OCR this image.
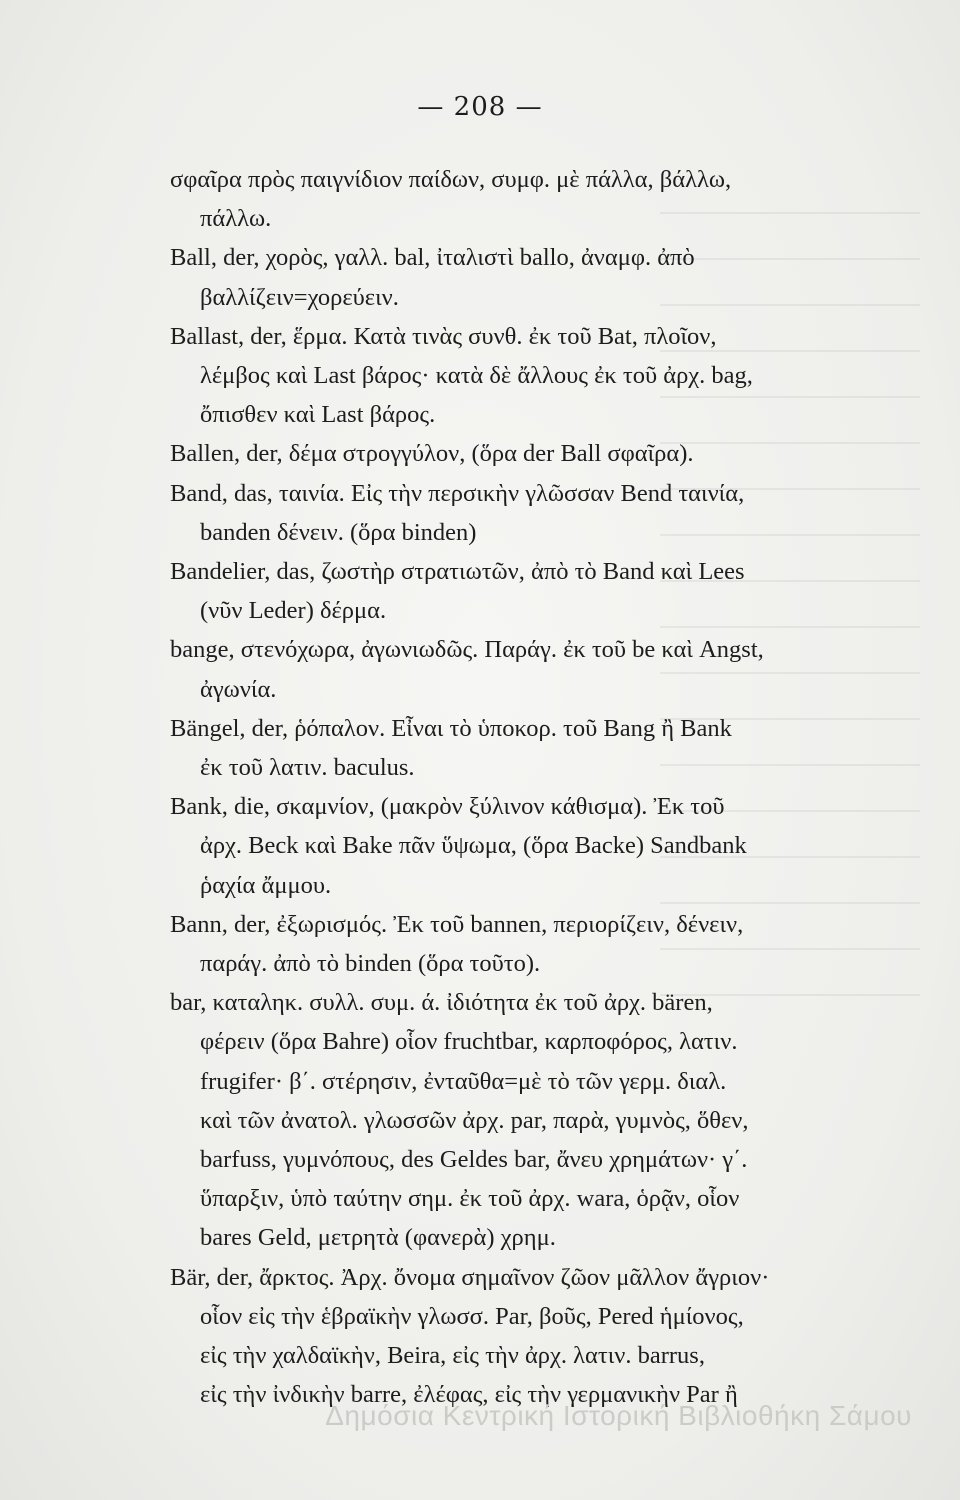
— 208 —
σφαῖρα πρὸς παιγνίδιον παίδων, συμφ. μὲ πάλλα, βάλλω,
πάλλω.
Ball, der, χορὸς, γαλλ. bal, ἰταλιστὶ ballo, ἀναμφ. ἀπὸ
βαλλίζειν=χορεύειν.
Ballast, der, ἕρμα. Κατὰ τινὰς συνθ. ἐκ τοῦ Bat, πλοῖον,
λέμβος καὶ Last βάρος· κατὰ δὲ ἄλλους ἐκ τοῦ ἀρχ. bag,
ὄπισθεν καὶ Last βάρος.
Ballen, der, δέμα στρογγύλον, (ὅρα der Ball σφαῖρα).
Band, das, ταινία. Εἰς τὴν περσικὴν γλῶσσαν Bend ταινία,
banden δένειν. (ὅρα binden)
Bandelier, das, ζωστὴρ στρατιωτῶν, ἀπὸ τὸ Band καὶ Lees
(νῦν Leder) δέρμα.
bange, στενόχωρα, ἀγωνιωδῶς. Παράγ. ἐκ τοῦ be καὶ Angst,
ἀγωνία.
Bängel, der, ῥόπαλον. Εἶναι τὸ ὑποκορ. τοῦ Bang ἢ Bank
ἐκ τοῦ λατιν. baculus.
Bank, die, σκαμνίον, (μακρὸν ξύλινον κάθισμα). Ἐκ τοῦ
ἀρχ. Beck καὶ Bake πᾶν ὕψωμα, (ὅρα Backe) Sandbank
ῥαχία ἄμμου.
Bann, der, ἐξωρισμός. Ἐκ τοῦ bannen, περιορίζειν, δένειν,
παράγ. ἀπὸ τὸ binden (ὅρα τοῦτο).
bar, καταληκ. συλλ. συμ. ά. ἰδιότητα ἐκ τοῦ ἀρχ. bären,
φέρειν (ὅρα Bahre) οἷον fruchtbar, καρποφόρος, λατιν.
frugifer· β΄. στέρησιν, ἐνταῦθα=μὲ τὸ τῶν γερμ. διαλ.
καὶ τῶν ἀνατολ. γλωσσῶν ἀρχ. par, παρὰ, γυμνὸς, ὅθεν,
barfuss, γυμνόπους, des Geldes bar, ἄνευ χρημάτων· γ΄.
ὕπαρξιν, ὑπὸ ταύτην σημ. ἐκ τοῦ ἀρχ. wara, ὁρᾷν, οἷον
bares Geld, μετρητὰ (φανερὰ) χρημ.
Bär, der, ἄρκτος. Ἀρχ. ὄνομα σημαῖνον ζῶον μᾶλλον ἄγριον·
οἷον εἰς τὴν ἑβραϊκὴν γλωσσ. Par, βοῦς, Pered ἡμίονος,
εἰς τὴν χαλδαϊκὴν, Beira, εἰς τὴν ἀρχ. λατιν. barrus,
εἰς τὴν ἰνδικὴν barre, ἐλέφας, εἰς τὴν γερμανικὴν Par ἢ
Δημόσια Κεντρική Ιστορική Βιβλιοθήκη Σάμου
